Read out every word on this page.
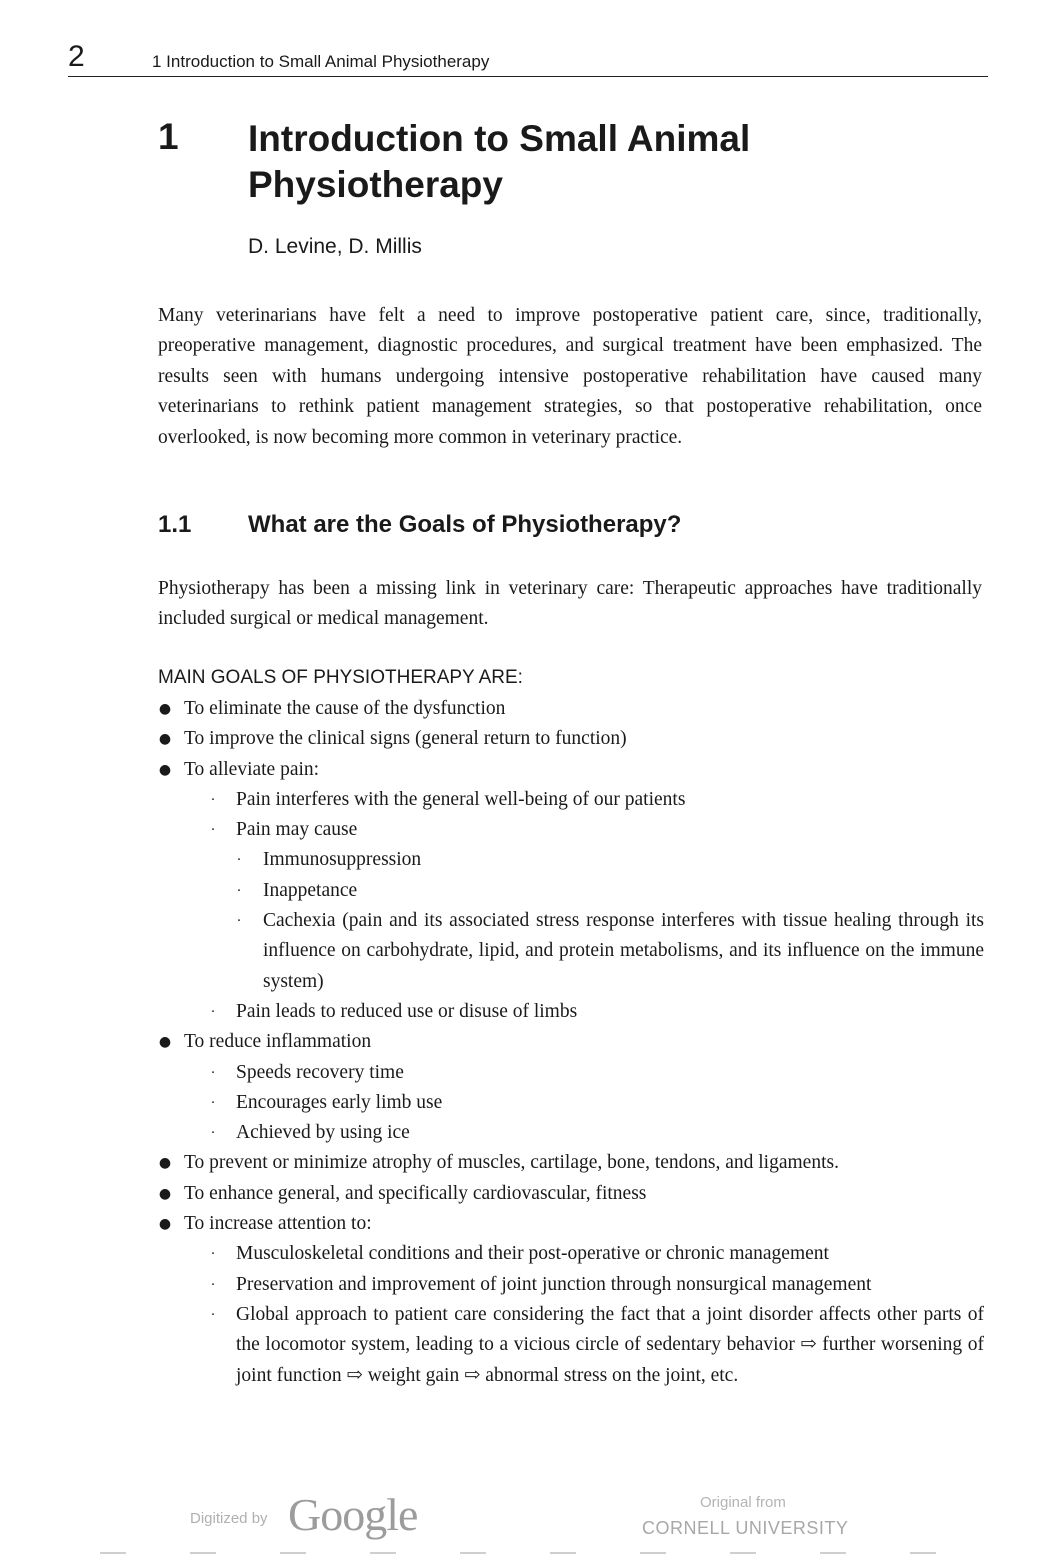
2	1 Introduction to Small Animal Physiotherapy
1 Introduction to Small Animal Physiotherapy
D. Levine, D. Millis

Many veterinarians have felt a need to improve postoperative patient care, since, traditionally, preoperative management, diagnostic procedures, and surgical treatment have been emphasized. The results seen with humans undergoing intensive postoperative rehabilitation have caused many veterinarians to rethink patient management strategies, so that postoperative rehabilitation, once overlooked, is now becoming more common in veterinary practice.

1.1 What are the Goals of Physiotherapy?

Physiotherapy has been a missing link in veterinary care: Therapeutic approaches have traditionally included surgical or medical management.

MAIN GOALS OF PHYSIOTHERAPY ARE:
● To eliminate the cause of the dysfunction
● To improve the clinical signs (general return to function)
● To alleviate pain:
·	Pain interferes with the general well-being of our patients
·	Pain may cause
·	Immunosuppression
·	Inappetance
·	Cachexia (pain and its associated stress response interferes with tissue healing through its influence on carbohydrate, lipid, and protein metabolisms, and its influence on the immune system)
·	Pain leads to reduced use or disuse of limbs
● To reduce inflammation
·	Speeds recovery time
·	Encourages early limb use
·	Achieved by using ice
● To prevent or minimize atrophy of muscles, cartilage, bone, tendons, and ligaments.
● To enhance general, and specifically cardiovascular, fitness
● To increase attention to:
·	Musculoskeletal conditions and their post-operative or chronic management
·	Preservation and improvement of joint junction through nonsurgical management
·	Global approach to patient care considering the fact that a joint disorder affects other parts of the locomotor system, leading to a vicious circle of sedentary behavior ⇨ further worsening of joint function ⇨ weight gain ⇨ abnormal stress on the joint, etc.
Digitized by Google	Original from
CORNELL UNIVERSITY
